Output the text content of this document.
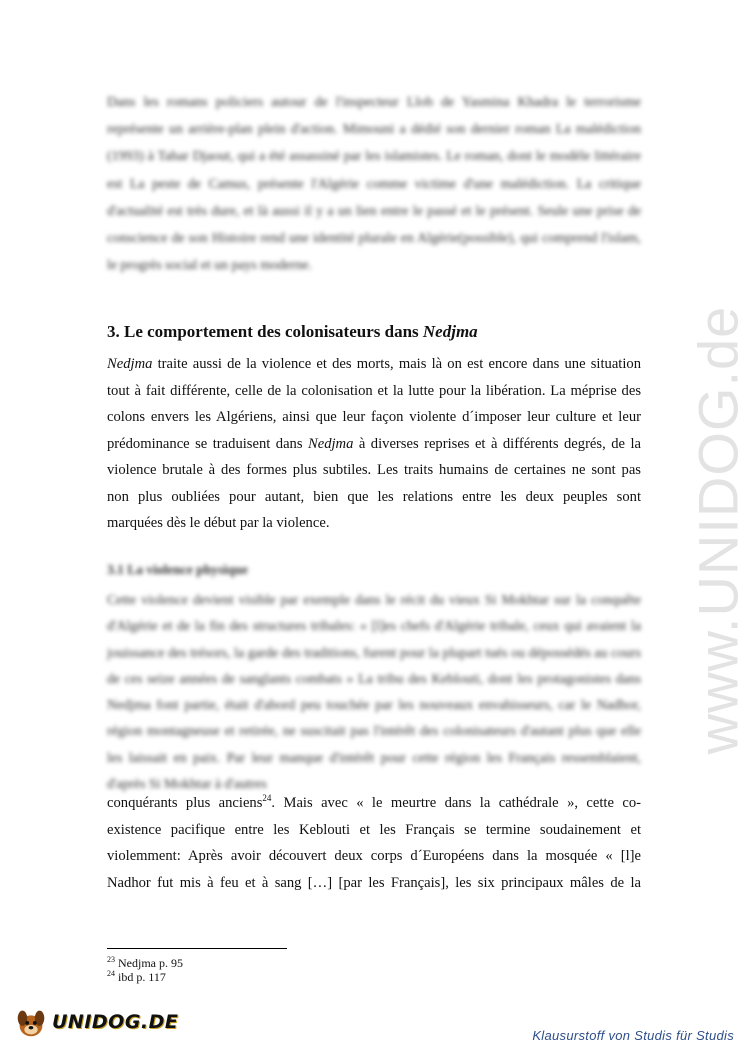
www.UNIDOG.de
Dans les romans policiers autour de l'inspecteur Llob de Yasmina Khadra le terrorisme représente un arrière-plan plein d'action. Mimouni a dédié son dernier roman La malédiction (1993) à Tahar Djaout, qui a été assassiné par les islamistes. Le roman, dont le modèle littéraire est La peste de Camus, présente l'Algérie comme victime d'une malédiction. La critique d'actualité est très dure, et là aussi il y a un lien entre le passé et le présent. Seule une prise de conscience de son Histoire rend une identité plurale en Algérie(possible), qui comprend l'islam, le progrès social et un pays moderne.
3. Le comportement des colonisateurs dans Nedjma
Nedjma traite aussi de la violence et des morts, mais là on est encore dans une situation
tout à fait différente, celle de la colonisation et la lutte pour la libération. La méprise des
colons envers les Algériens, ainsi que leur façon violente d´imposer leur culture et leur
prédominance se traduisent dans Nedjma à diverses reprises et à différents degrés, de la
violence brutale à des formes plus subtiles. Les traits humains de certaines ne sont pas
non plus oubliées pour autant, bien que les relations entre les deux peuples sont
marquées dès le début par la violence.
3.1 La violence physique
Cette violence devient visible par exemple dans le récit du vieux Si Mokhtar sur la conquête d'Algérie et de la fin des structures tribales: « [l]es chefs d'Algérie tribale, ceux qui avaient la jouissance des trésors, la garde des traditions, furent pour la plupart tués ou dépossédés au cours de ces seize années de sanglants combats » La tribu des Keblouti, dont les protagonistes dans Nedjma font partie, était d'abord peu touchée par les nouveaux envahisseurs, car le Nadhor, région montagneuse et retirée, ne suscitait pas l'intérêt des colonisateurs d'autant plus que elle les laissait en paix. Par leur manque d'intérêt pour cette région les Français ressemblaient, d'après Si Mokhtar à d'autres
conquérants plus anciens$^{24}$. Mais avec « le meurtre dans la cathédrale », cette co-
existence pacifique entre les Keblouti et les Français se termine soudainement et
violemment: Après avoir découvert deux corps d´Européens dans la mosquée « [l]e
Nadhor fut mis à feu et à sang […] [par les Français], les six principaux mâles de la
$^{23}$ Nedjma p. 95
$^{24}$ ibd p. 117
UNIDOG.DE
Klausurstoff von Studis für Studis
